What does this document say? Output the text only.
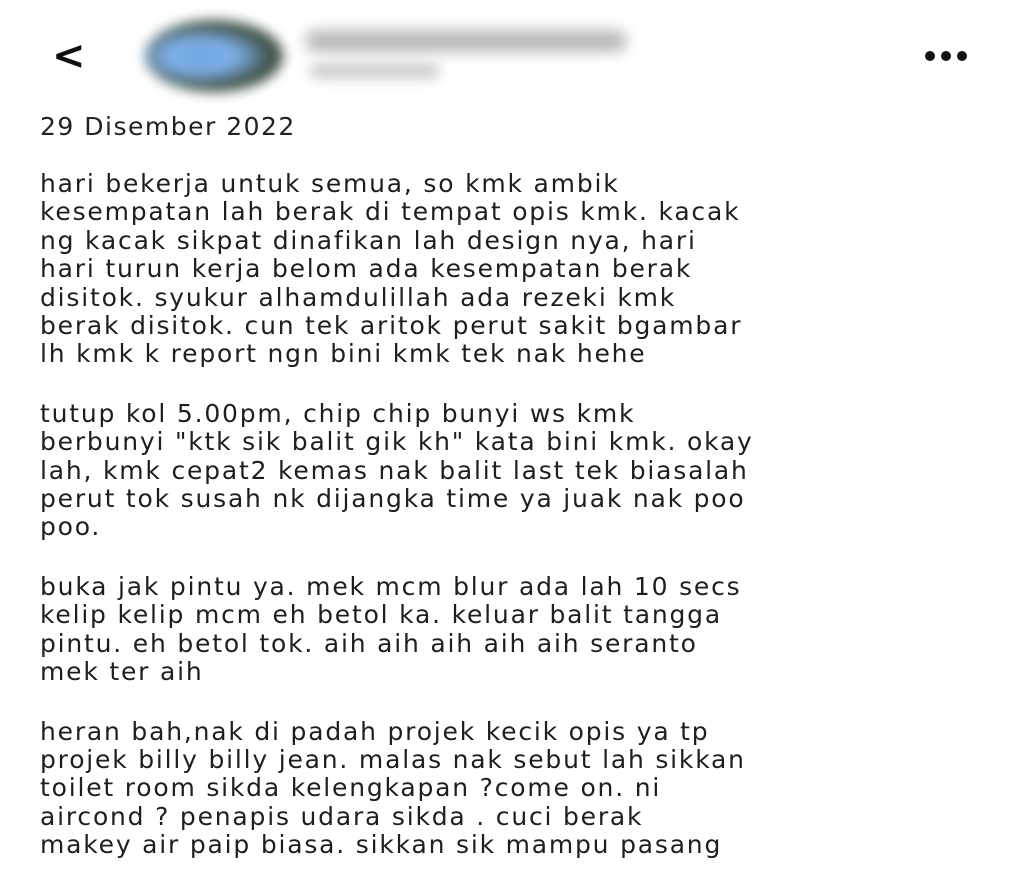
<
29 Disember 2022
hari bekerja untuk semua, so kmk ambik
kesempatan lah berak di tempat opis kmk. kacak
ng kacak sikpat dinafikan lah design nya, hari
hari turun kerja belom ada kesempatan berak
disitok. syukur alhamdulillah ada rezeki kmk
berak disitok. cun tek aritok perut sakit bgambar
lh kmk k report ngn bini kmk tek nak hehe
tutup kol 5.00pm, chip chip bunyi ws kmk
berbunyi "ktk sik balit gik kh" kata bini kmk. okay
lah, kmk cepat2 kemas nak balit last tek biasalah
perut tok susah nk dijangka time ya juak nak poo
poo.
buka jak pintu ya. mek mcm blur ada lah 10 secs
kelip kelip mcm eh betol ka. keluar balit tangga
pintu. eh betol tok. aih aih aih aih aih seranto
mek ter aih
heran bah,nak di padah projek kecik opis ya tp
projek billy billy jean. malas nak sebut lah sikkan
toilet room sikda kelengkapan ?come on. ni
aircond ? penapis udara sikda . cuci berak
makey air paip biasa. sikkan sik mampu pasang
